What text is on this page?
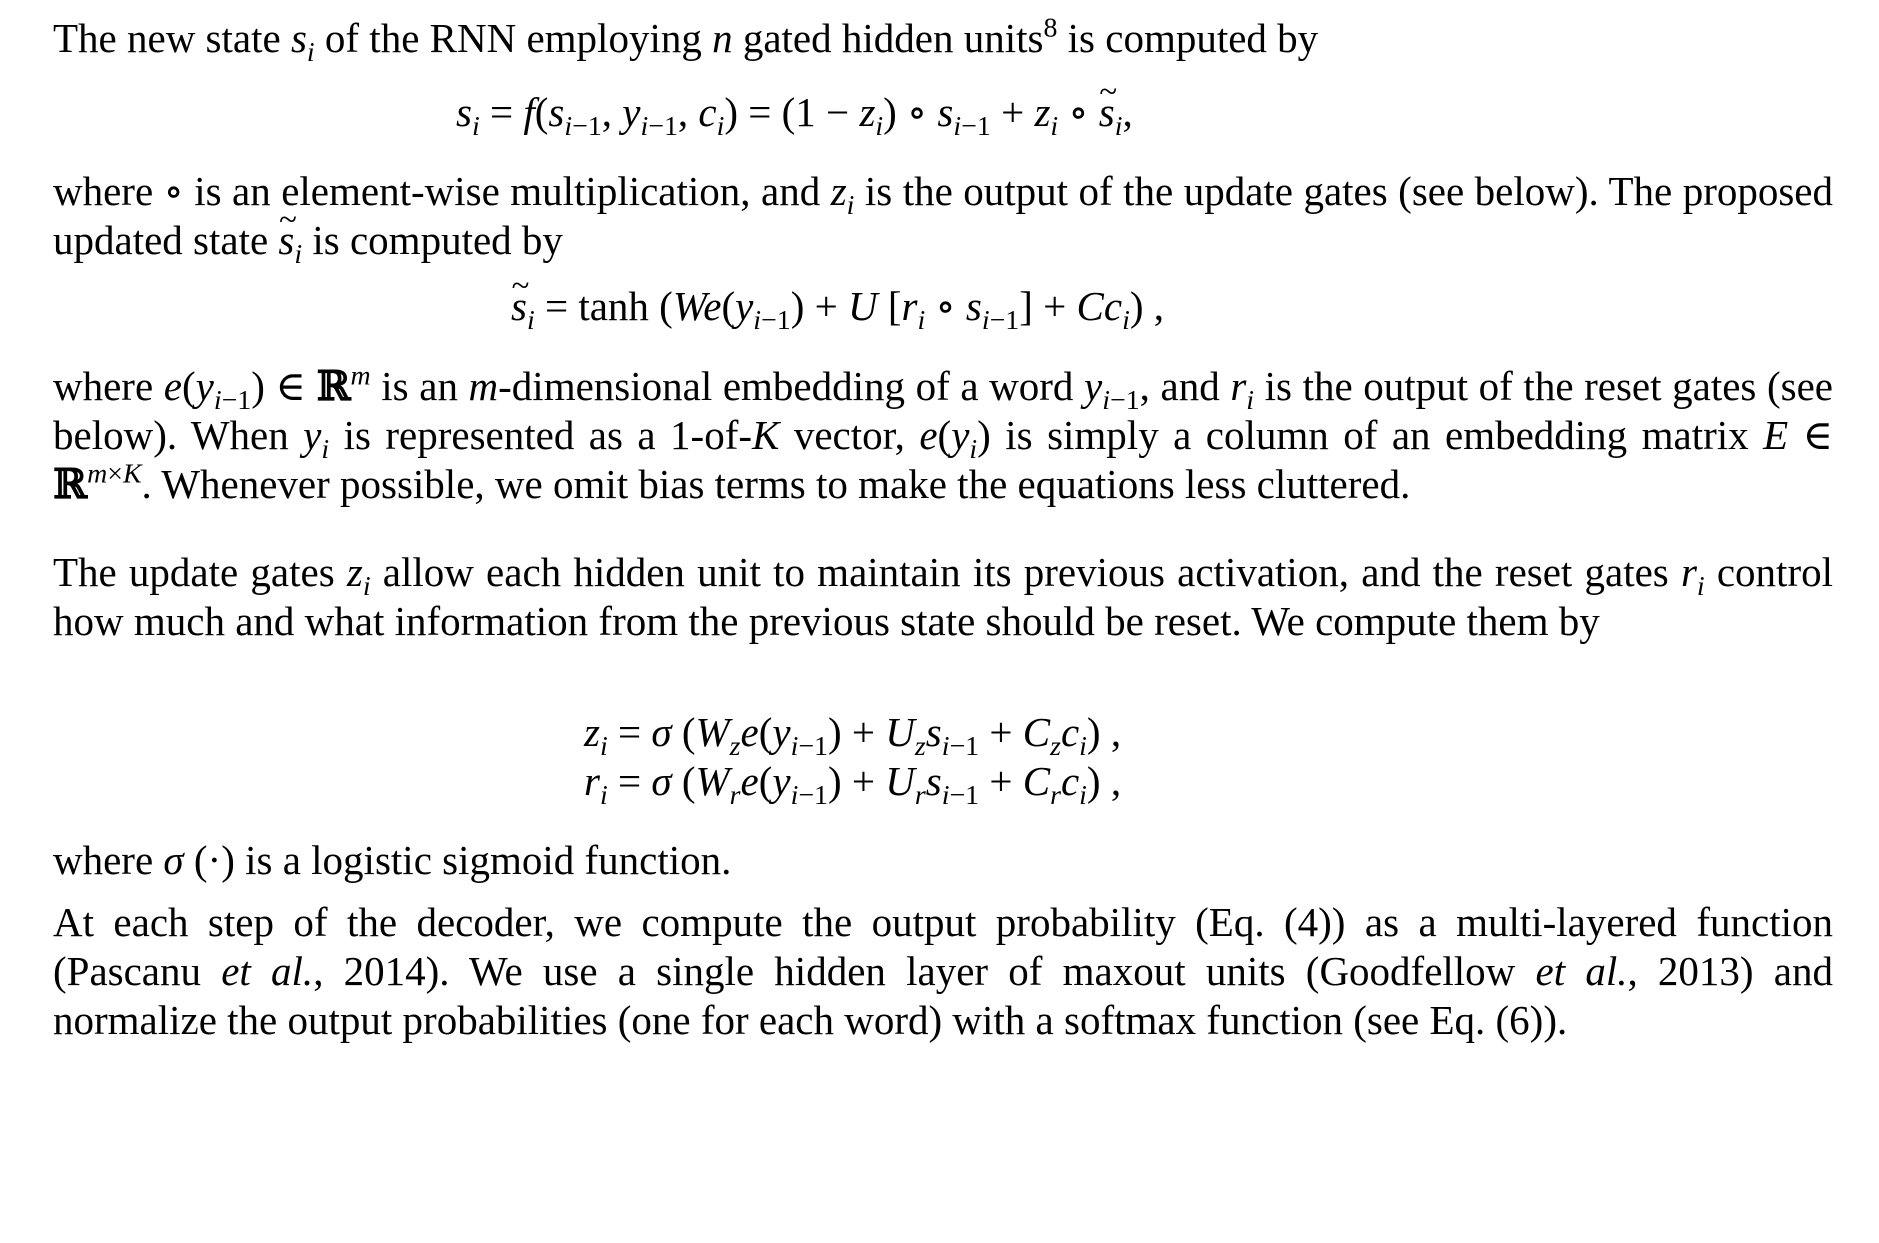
The new state $s_i$ of the RNN employing n gated hidden units$^8$ is computed by
$s_i = f(s_{i-1}$, $y_{i-1}$, $c_i) = (1 - z_i)$ ∘ $s_{i-1} + z_i$ ∘ ~ $s_i$,
where ∘ is an element-wise multiplication, and $z_i$ is the output of the update gates (see below). The proposed updated state ~ $s_i$ is computed by
~ $s_i = \tanh (We(y_{i-1}) + U$ [$r_i$ ∘ $s_{i-1}] + Cc_i$) ,
where $e(y_{i-1})$ ∈ ℝ$^m$ is an m-dimensional embedding of a word $y_{i-1}$, and $r_i$ is the output of the reset gates (see below). When $y_i$ is represented as a 1-of-K vector, $e(y_i)$ is simply a column of an embedding matrix E ∈ ℝ$^{m\times K}$. Whenever possible, we omit bias terms to make the equations less cluttered.
The update gates $z_i$ allow each hidden unit to maintain its previous activation, and the reset gates $r_i$ control how much and what information from the previous state should be reset. We compute them by
$z_i = \sigma$ $(W_ze(y_{i-1}) + U_zs_{i-1} + C_zc_i)$ ,
$r_i = \sigma$ $(W_re(y_{i-1}) + U_rs_{i-1} + C_rc_i)$ ,
where σ (·) is a logistic sigmoid function.
At each step of the decoder, we compute the output probability (Eq. (4)) as a multi-layered function (Pascanu et al., 2014). We use a single hidden layer of maxout units (Goodfellow et al., 2013) and normalize the output probabilities (one for each word) with a softmax function (see Eq. (6)).
